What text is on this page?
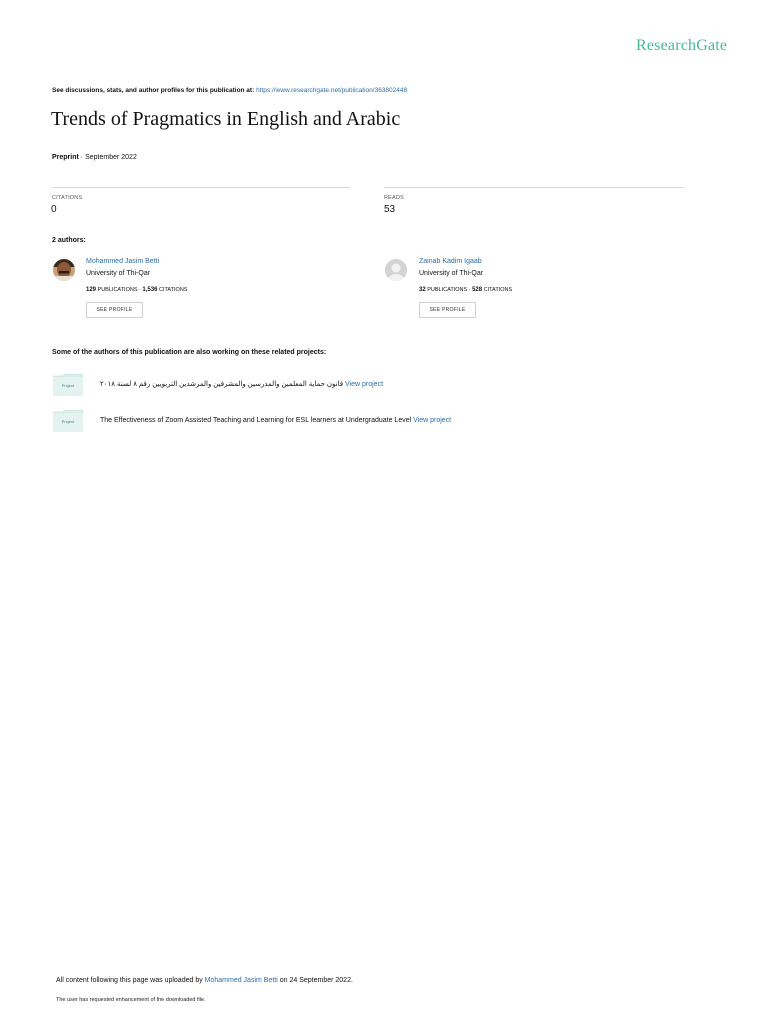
ResearchGate
See discussions, stats, and author profiles for this publication at: https://www.researchgate.net/publication/363802448
Trends of Pragmatics in English and Arabic
Preprint · September 2022
CITATIONS
0
READS
53
2 authors:
Mohammed Jasim Betti
University of Thi-Qar
129 PUBLICATIONS · 1,536 CITATIONS
SEE PROFILE
Zainab Kadim Igaab
University of Thi-Qar
32 PUBLICATIONS · 528 CITATIONS
SEE PROFILE
Some of the authors of this publication are also working on these related projects:
Project	قانون حماية المعلمين والمدرسين والمشرفين والمرشدين التربويين رقم ٨ لسنة ٢٠١٨ View project
Project	The Effectiveness of Zoom Assisted Teaching and Learning for ESL learners at Undergraduate Level View project
All content following this page was uploaded by Mohammed Jasim Betti on 24 September 2022.
The user has requested enhancement of the downloaded file.
